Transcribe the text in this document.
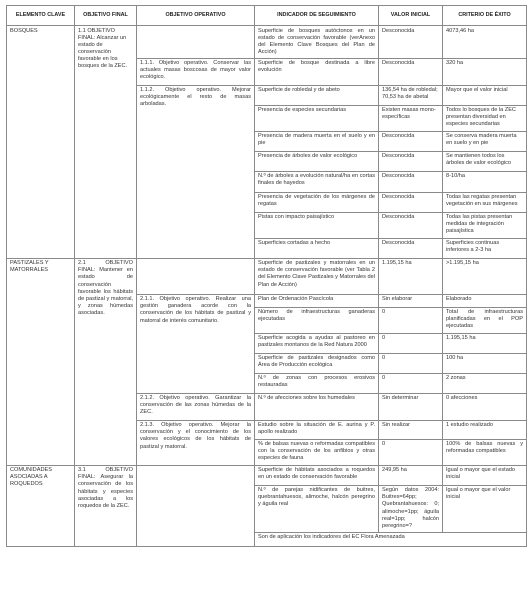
ELEMENTO CLAVE	OBJETIVO FINAL	OBJETIVO OPERATIVO	INDICADOR DE SEGUIMIENTO	VALOR INICIAL	CRITERIO DE ÉXITO
BOSQUES	1.1 OBJETIVO FINAL: Alcanzar un estado de conservación favorable en los bosques de la ZEC.		Superficie de bosques autóctonos en un estado de conservación favorable (verAnexo del Elemento Clave Bosques del Plan de Acción)	Desconocida	4073,46 ha
		1.1.1. Objetivo operativo. Conservar las actuales masas boscosas de mayor valor ecológico.	Superficie de bosque destinada a libre evolución	Desconocida	320 ha
		1.1.2. Objetivo operativo. Mejorar ecológicamente el resto de masas arboladas.	Superficie de robledal y de abeto	136,54 ha de robledal; 70,53 ha de abetal	Mayor que el valor inicial
			Presencia de especies secundarias	Existen masas mono-específicas	Todos lo bosques de la ZEC presentan diversidad en especies secundarias
			Presencia de madera muerta en el suelo y en pie	Desconocida	Se conserva madera muerta en suelo y en pie
			Presencia de árboles de valor ecológico	Desconocida	Se mantienen todos los árboles de valor ecológico
			N.º de árboles a evolución natural/ha en cortas finales de hayedos	Desconocida	8-10/ha
			Presencia de vegetación de los márgenes de regatas	Desconocida	Todas las regatas presentan vegetación en sus márgenes
			Pistas con impacto paisajístico	Desconocida	Todas las pistas presentan medidas de integración paisajística
			Superficies cortadas a hecho	Desconocida	Superficies continuas inferiores a 2-3 ha
PASTIZALES Y MATORRALES	2.1 OBJETIVO FINAL: Mantener en estado de conservación favorable los hábitats de pastizal y matorral, y zonas húmedas asociadas.		Superficie de pastizales y matorrales en un estado de conservación favorable (ver Tabla 2 del Elemento Clave Pastizales y Matorrales del Plan de Acción)	1.195,15 ha	>1.195,15 ha
		2.1.1. Objetivo operativo. Realizar una gestión ganadera acorde con la conservación de los hábitats de pastizal y matorral de interés comunitario.	Plan de Ordenación Pascícola	Sin elaborar	Elaborado
			Número de infraestructuras ganaderas ejecutadas	0	Total de infraestructuras planificadas en el POP ejecutadas
			Superficie acogida a ayudas al pastoreo en pastizales montanos de la Red Natura 2000	0	1.195,15 ha
			Superficie de pastizales designados como Área de Producción ecológica	0	100 ha
			N.º de zonas con procesos erosivos restauradas	0	2 zonas
		2.1.2. Objetivo operativo. Garantizar la conservación de las zonas húmedas de la ZEC.	N.º de afecciones sobre los humedales	Sin determinar	0 afecciones
		2.1.3. Objetivo operativo. Mejorar la conservación y el conocimiento de los valores ecológicos de los hábitats de pastizal y matorral.	Estudio sobre la situación de E. aurina y P. apollo realizado	Sin realizar	1 estudio realizado
			% de balsas nuevas o reformadas compatibles con la conservación de los anfibios y otras especies de fauna	0	100% de balsas nuevas y reformadas compatibles
COMUNIDADES ASOCIADAS A ROQUEDOS	3.1 OBJETIVO FINAL: Asegurar la conservación de los hábitats y especies asociadas a los roquedos de la ZEC.		Superficie de hábitats asociados a roquedos en un estado de conservación favorable	249,95 ha	Igual o mayor que el estado inicial
			N.º de parejas nidificantes de buitres, quebrantahuesos, alimoche, halcón peregrino y águila real	Según datos 2004: Buitres=64pp; Quebrantahuesos: 0; alimoche=1pp; águila real=1pp; halcón peregrino=?	Igual o mayor que el valor inicial
			Son de aplicación los indicadores del EC Flora Amenazada		
